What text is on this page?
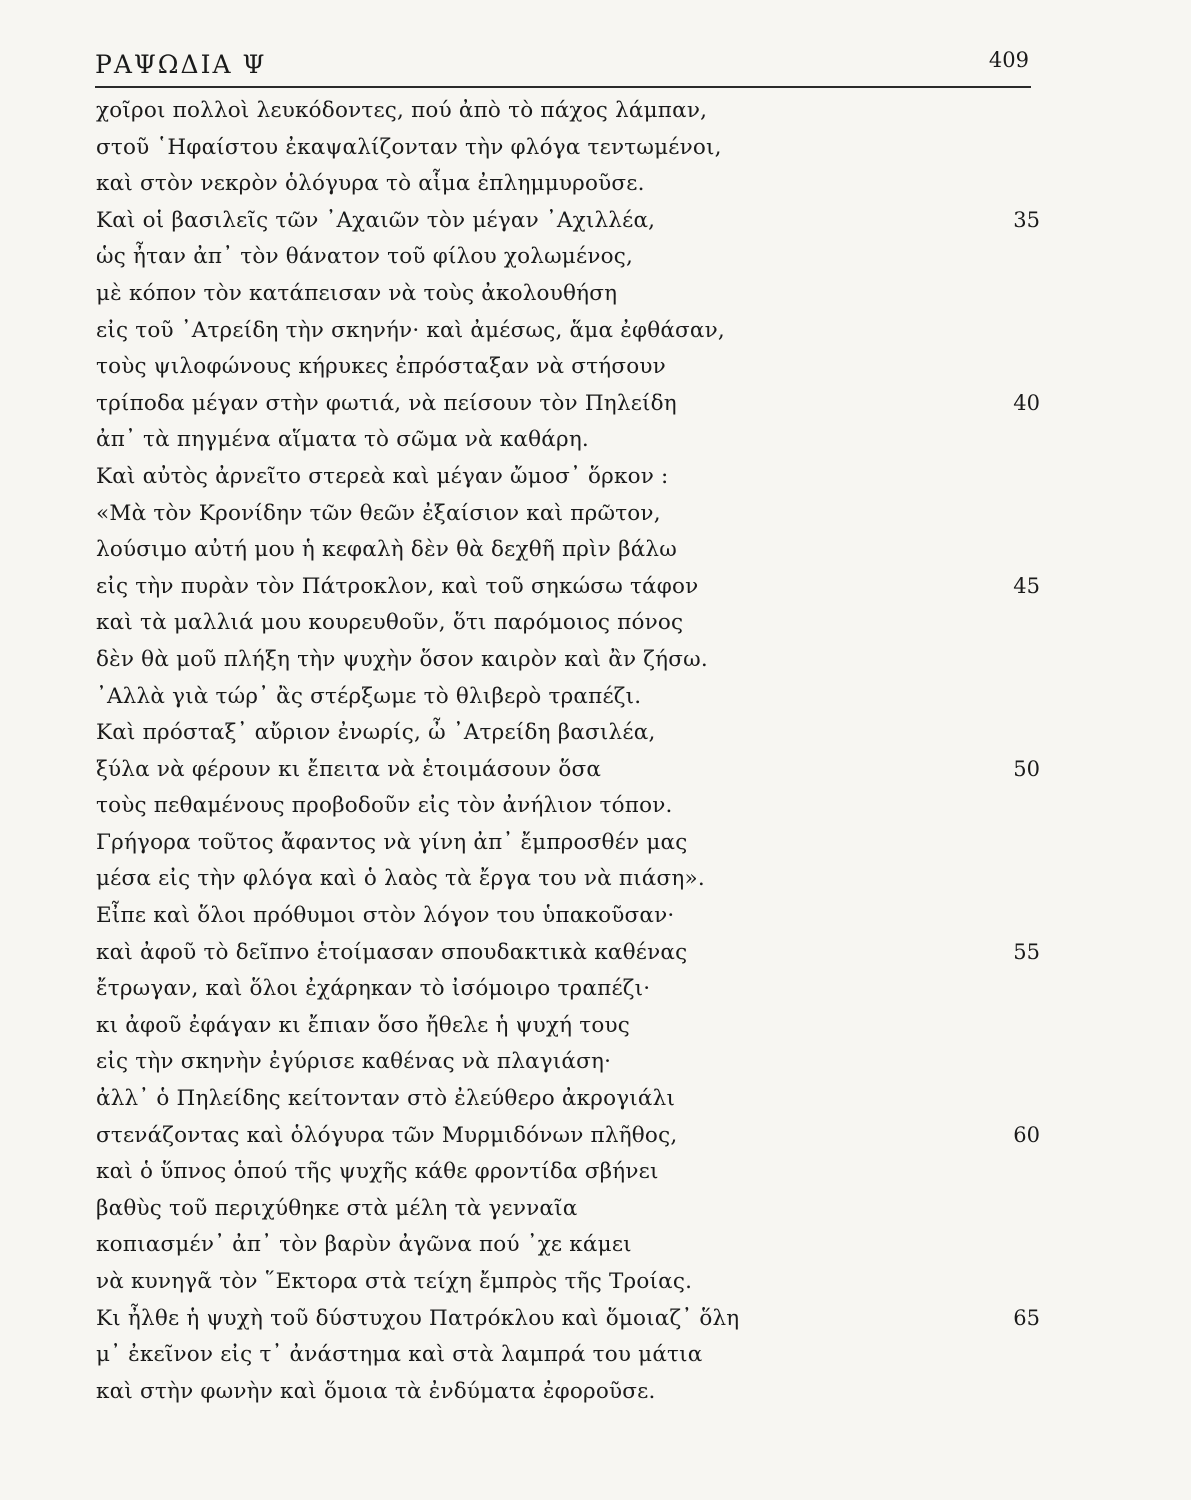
ΡΑΨΩΔΙΑ Ψ	409
χοῖροι πολλοὶ λευκόδοντες, πού ἀπὸ τὸ πάχος λάμπαν,
στοῦ ῾Ηφαίστου ἐκαψαλίζονταν τὴν φλόγα τεντωμένοι,
καὶ στὸν νεκρὸν ὁλόγυρα τὸ αἷμα ἐπλημμυροῦσε.
Καὶ οἱ βασιλεῖς τῶν ᾿Αχαιῶν τὸν μέγαν ᾿Αχιλλέα,	35
ὡς ἦταν ἀπ᾿ τὸν θάνατον τοῦ φίλου χολωμένος,
μὲ κόπον τὸν κατάπεισαν νὰ τοὺς ἀκολουθήση
εἰς τοῦ ᾿Ατρείδη τὴν σκηνήν· καὶ ἀμέσως, ἅμα ἐφθάσαν,
τοὺς ψιλοφώνους κήρυκες ἐπρόσταξαν νὰ στήσουν
τρίποδα μέγαν στὴν φωτιά, νὰ πείσουν τὸν Πηλείδη	40
ἀπ᾿ τὰ πηγμένα αἵματα τὸ σῶμα νὰ καθάρη.
Καὶ αὐτὸς ἀρνεῖτο στερεὰ καὶ μέγαν ὤμοσ᾿ ὅρκον :
«Μὰ τὸν Κρονίδην τῶν θεῶν ἐξαίσιον καὶ πρῶτον,
λούσιμο αὐτή μου ἡ κεφαλὴ δὲν θὰ δεχθῆ πρὶν βάλω
εἰς τὴν πυρὰν τὸν Πάτροκλον, καὶ τοῦ σηκώσω τάφον	45
καὶ τὰ μαλλιά μου κουρευθοῦν, ὅτι παρόμοιος πόνος
δὲν θὰ μοῦ πλήξη τὴν ψυχὴν ὅσον καιρὸν καὶ ἂν ζήσω.
᾿Αλλὰ γιὰ τώρ᾿ ἂς στέρξωμε τὸ θλιβερὸ τραπέζι.
Καὶ πρόσταξ᾿ αὔριον ἐνωρίς, ὦ ᾿Ατρείδη βασιλέα,
ξύλα νὰ φέρουν κι ἔπειτα νὰ ἑτοιμάσουν ὅσα	50
τοὺς πεθαμένους προβοδοῦν εἰς τὸν ἀνήλιον τόπον.
Γρήγορα τοῦτος ἄφαντος νὰ γίνη ἀπ᾿ ἔμπροσθέν μας
μέσα εἰς τὴν φλόγα καὶ ὁ λαὸς τὰ ἔργα του νὰ πιάση».
Εἶπε καὶ ὅλοι πρόθυμοι στὸν λόγον του ὑπακοῦσαν·
καὶ ἀφοῦ τὸ δεῖπνο ἑτοίμασαν σπουδακτικὰ καθένας	55
ἔτρωγαν, καὶ ὅλοι ἐχάρηκαν τὸ ἰσόμοιρο τραπέζι·
κι ἀφοῦ ἐφάγαν κι ἔπιαν ὅσο ἤθελε ἡ ψυχή τους
εἰς τὴν σκηνὴν ἐγύρισε καθένας νὰ πλαγιάση·
ἀλλ᾿ ὁ Πηλείδης κείτονταν στὸ ἐλεύθερο ἀκρογιάλι
στενάζοντας καὶ ὁλόγυρα τῶν Μυρμιδόνων πλῆθος,	60
καὶ ὁ ὕπνος ὁπού τῆς ψυχῆς κάθε φροντίδα σβήνει
βαθὺς τοῦ περιχύθηκε στὰ μέλη τὰ γενναῖα
κοπιασμέν᾿ ἀπ᾿ τὸν βαρὺν ἀγῶνα πού ᾿χε κάμει
νὰ κυνηγᾶ τὸν ῞Εκτορα στὰ τείχη ἔμπρὸς τῆς Τροίας.
Κι ἦλθε ἡ ψυχὴ τοῦ δύστυχου Πατρόκλου καὶ ὅμοιαζ᾿ ὅλη	65
μ᾿ ἐκεῖνον εἰς τ᾿ ἀνάστημα καὶ στὰ λαμπρά του μάτια
καὶ στὴν φωνὴν καὶ ὅμοια τὰ ἐνδύματα ἐφοροῦσε.
